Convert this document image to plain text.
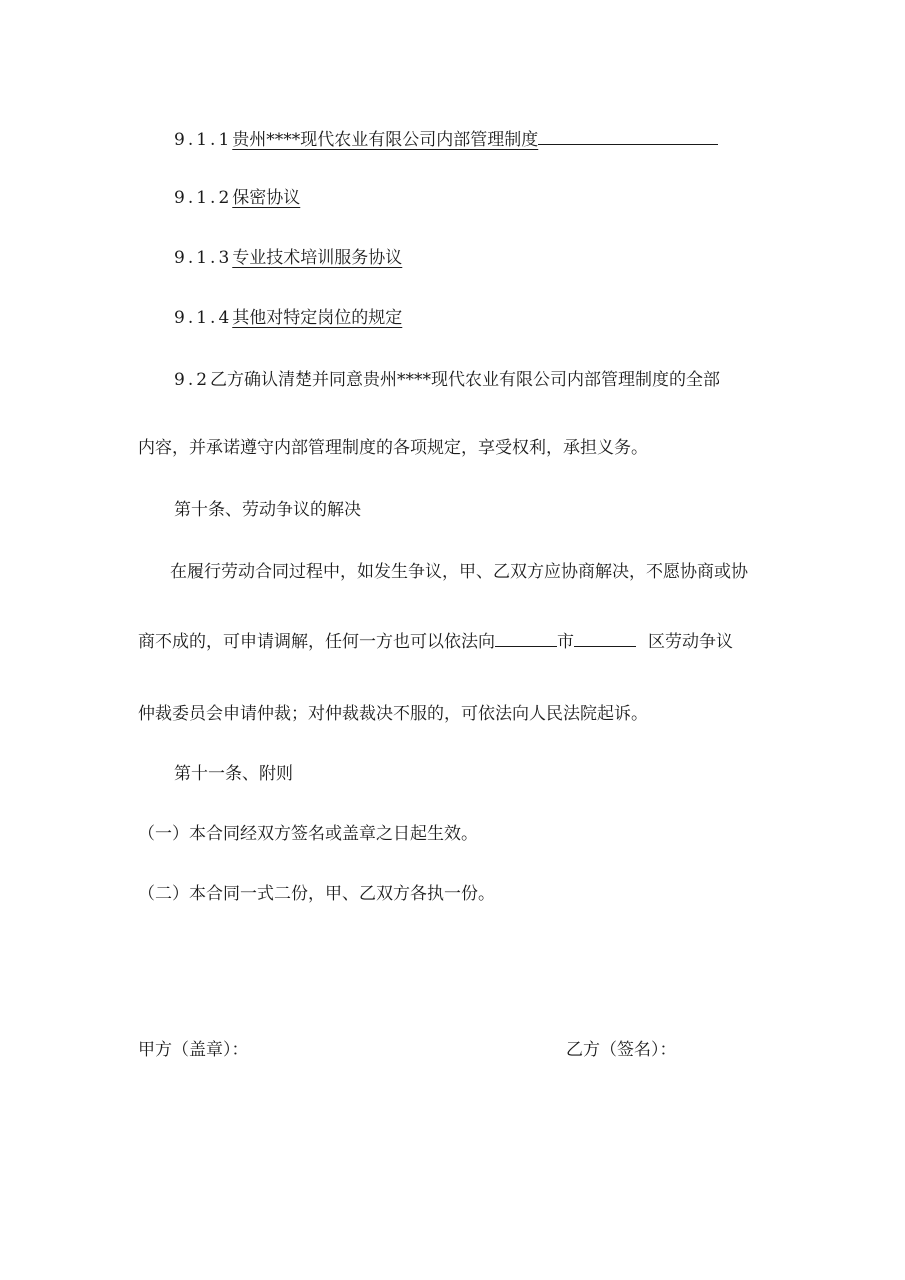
9.1.1贵州****现代农业有限公司内部管理制度
9.1.2保密协议
9.1.3专业技术培训服务协议
9.1.4其他对特定岗位的规定
9.2乙方确认清楚并同意贵州****现代农业有限公司内部管理制度的全部
内容，并承诺遵守内部管理制度的各项规定，享受权利，承担义务。
第十条、劳动争议的解决
在履行劳动合同过程中，如发生争议，甲、乙双方应协商解决，不愿协商或协
商不成的，可申请调解，任何一方也可以依法向	市	区劳动争议
仲裁委员会申请仲裁；对仲裁裁决不服的，可依法向人民法院起诉。
第十一条、附则
（一）本合同经双方签名或盖章之日起生效。
（二）本合同一式二份，甲、乙双方各执一份。
甲方（盖章）：	乙方（签名）：
